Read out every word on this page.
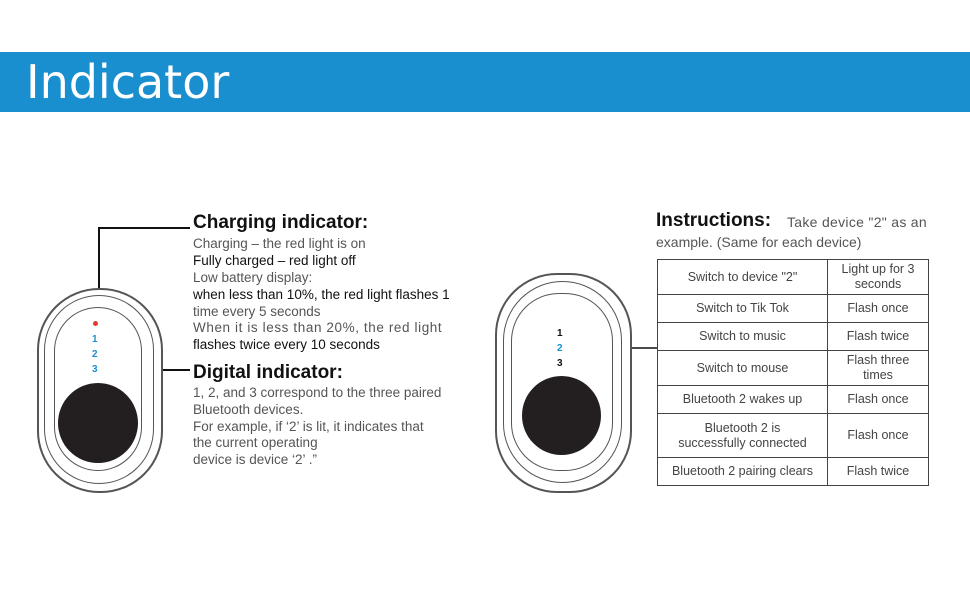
Indicator
1
2
3
Charging indicator:
Charging – the red light is on
Fully charged – red light off
Low battery display:
when less than 10%, the red light flashes 1
time every 5 seconds
When it is less than 20%, the red light
flashes twice every 10 seconds
Digital indicator:
1, 2, and 3 correspond to the three paired
Bluetooth devices.
For example, if ‘2’ is lit, it indicates that
the current operating
device is device ‘2’ .”
1
2
3
Instructions: Take device "2" as an
example. (Same for each device)
Switch to device "2"	Light up for 3 seconds
Switch to Tik Tok	Flash once
Switch to music	Flash twice
Switch to mouse	Flash three times
Bluetooth 2 wakes up	Flash once
Bluetooth 2 is successfully connected	Flash once
Bluetooth 2 pairing clears	Flash twice
